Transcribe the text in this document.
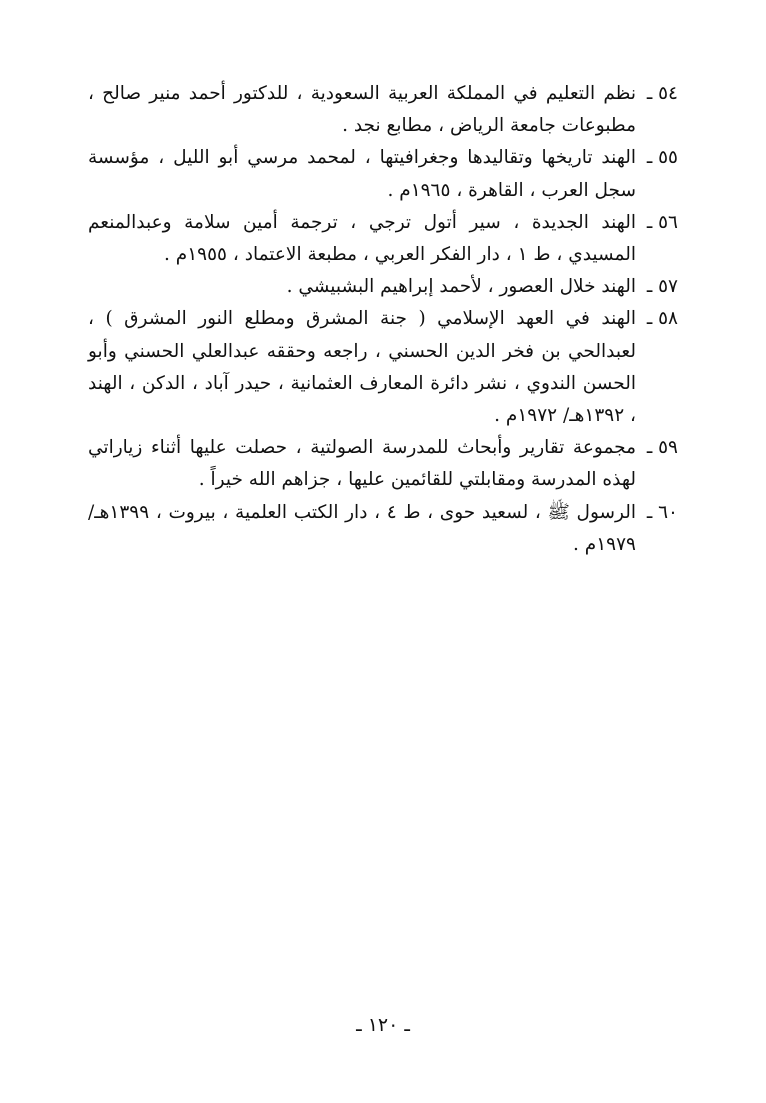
٥٤ ـ
نظم التعليم في المملكة العربية السعودية ، للدكتور أحمد منير صالح ، مطبوعات جامعة الرياض ، مطابع نجد .
٥٥ ـ
الهند تاريخها وتقاليدها وجغرافيتها ، لمحمد مرسي أبو الليل ، مؤسسة سجل العرب ، القاهرة ، ١٩٦٥م .
٥٦ ـ
الهند الجديدة ، سير أتول ترجي ، ترجمة أمين سلامة وعبدالمنعم المسيدي ، ط ١ ، دار الفكر العربي ، مطبعة الاعتماد ، ١٩٥٥م .
٥٧ ـ
الهند خلال العصور ، لأحمد إبراهيم البشبيشي .
٥٨ ـ
الهند في العهد الإسلامي ( جنة المشرق ومطلع النور المشرق ) ، لعبدالحي بن فخر الدين الحسني ، راجعه وحققه عبدالعلي الحسني وأبو الحسن الندوي ، نشر دائرة المعارف العثمانية ، حيدر آباد ، الدكن ، الهند ، ١٣٩٢هـ/ ١٩٧٢م .
٥٩ ـ
مجموعة تقارير وأبحاث للمدرسة الصولتية ، حصلت عليها أثناء زياراتي لهذه المدرسة ومقابلتي للقائمين عليها ، جزاهم الله خيراً .
٦٠ ـ
الرسول ﷺ ، لسعيد حوى ، ط ٤ ، دار الكتب العلمية ، بيروت ، ١٣٩٩هـ/ ١٩٧٩م .
ـ ١٢٠ ـ
